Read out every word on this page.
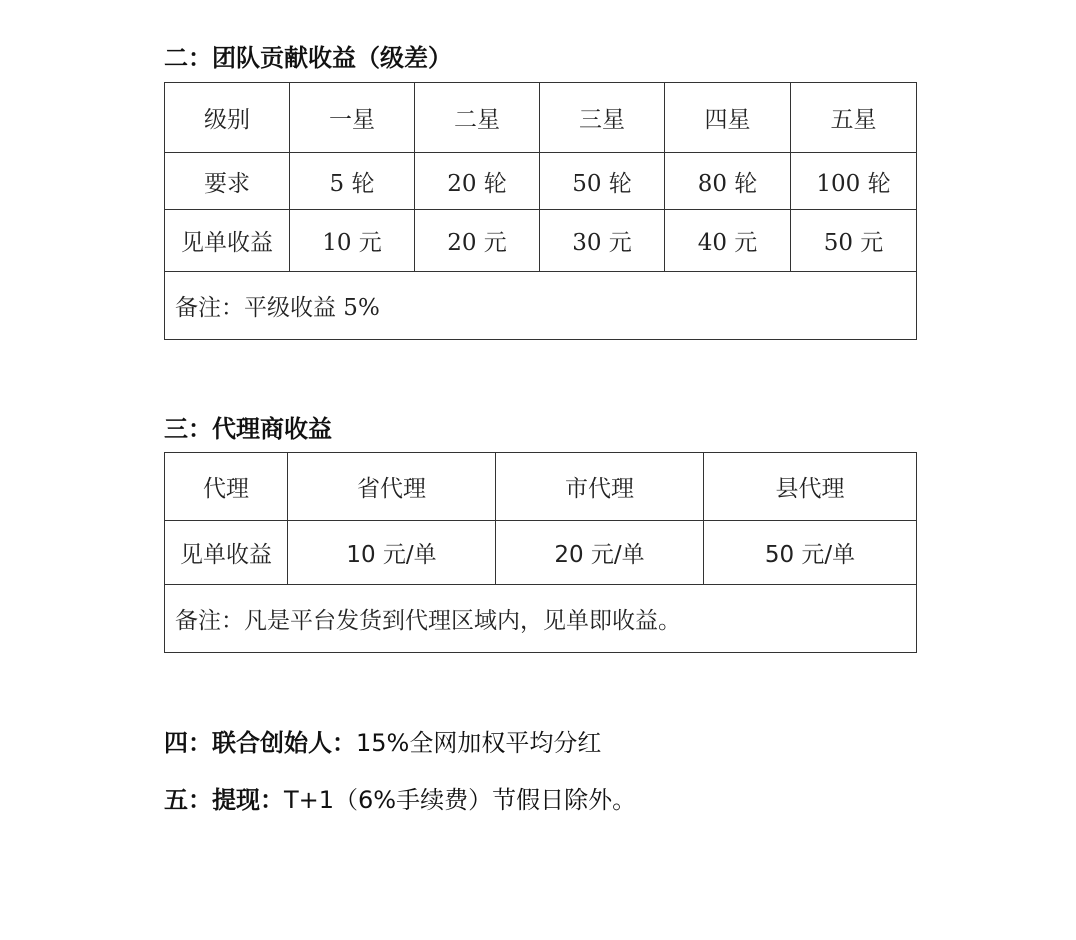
二：团队贡献收益（级差）
级别	一星	二星	三星	四星	五星
要求	5 轮	20 轮	50 轮	80 轮	100 轮
见单收益	10 元	20 元	30 元	40 元	50 元
备注：平级收益 5%					
三：代理商收益
代理	省代理	市代理	县代理
见单收益	10 元/单	20 元/单	50 元/单
备注：凡是平台发货到代理区域内，见单即收益。			
四：联合创始人：15%全网加权平均分红
五：提现：T+1（6%手续费）节假日除外。
